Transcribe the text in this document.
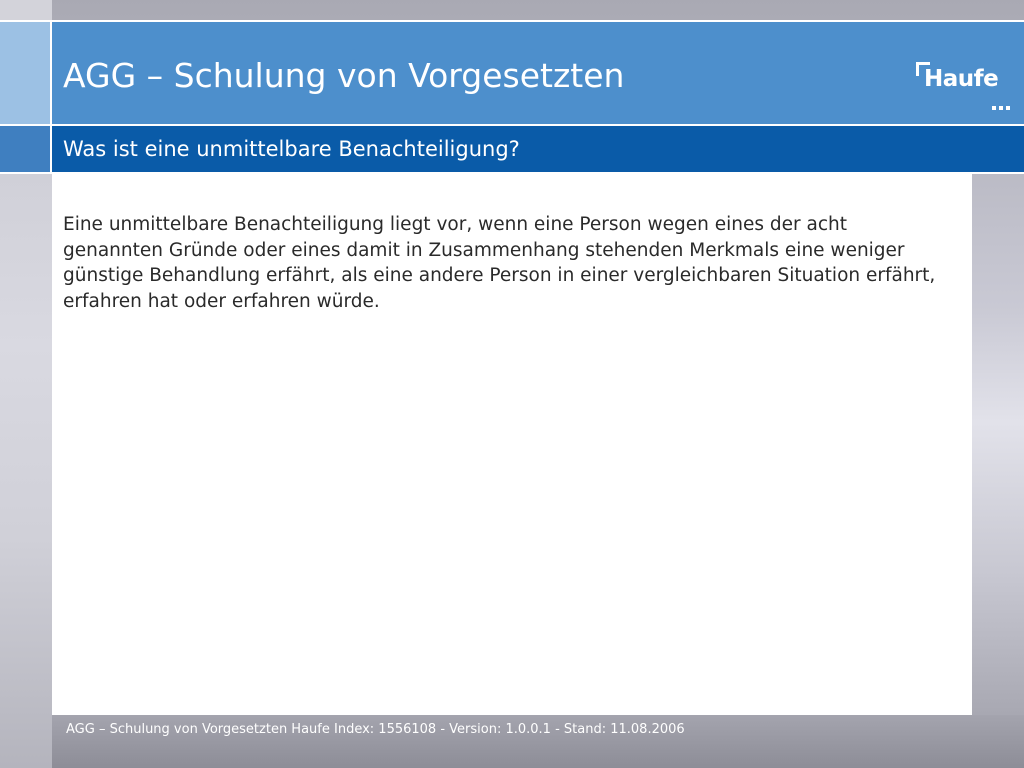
AGG – Schulung von Vorgesetzten	Haufe
Was ist eine unmittelbare Benachteiligung?

Eine unmittelbare Benachteiligung liegt vor, wenn eine Person wegen eines der acht genannten Gründe oder eines damit in Zusammenhang stehenden Merkmals eine weniger günstige Behandlung erfährt, als eine andere Person in einer vergleichbaren Situation erfährt, erfahren hat oder erfahren würde.

AGG – Schulung von Vorgesetzten Haufe Index: 1556108 - Version: 1.0.0.1 - Stand: 11.08.2006
